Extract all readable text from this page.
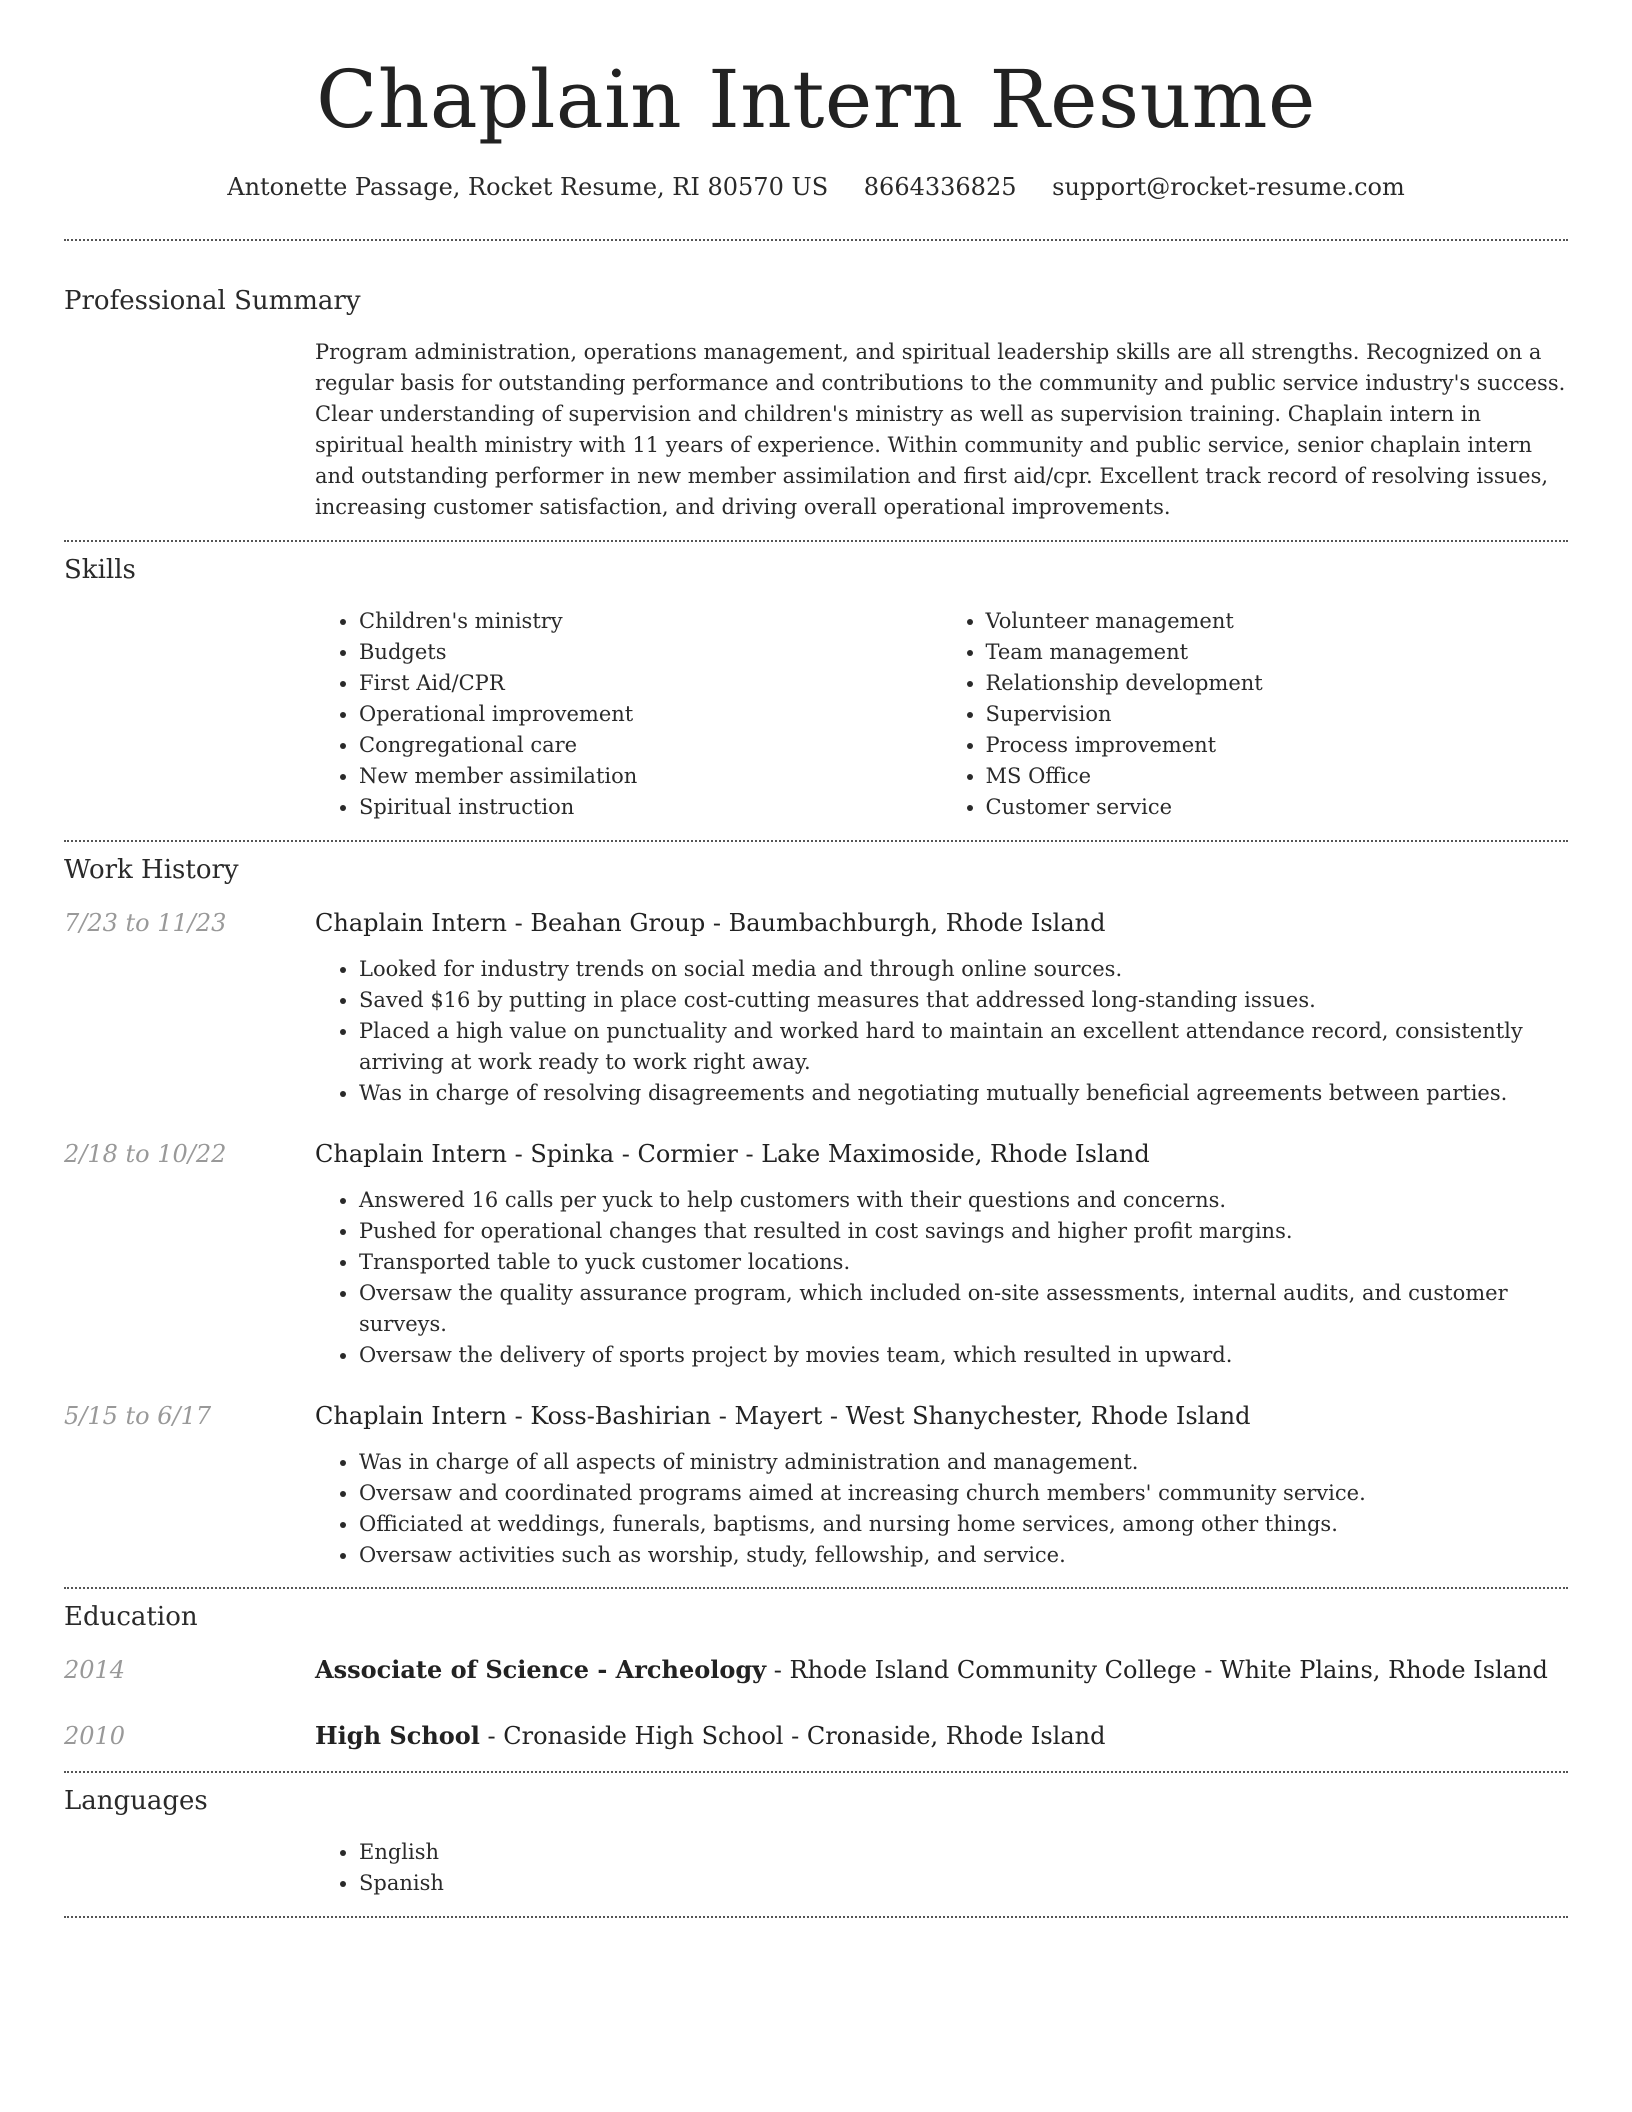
Chaplain Intern Resume
Antonette Passage, Rocket Resume, RI 80570 US 8664336825 support@rocket-resume.com
Professional Summary

Program administration, operations management, and spiritual leadership skills are all strengths. Recognized on a regular basis for outstanding performance and contributions to the community and public service industry's success. Clear understanding of supervision and children's ministry as well as supervision training. Chaplain intern in spiritual health ministry with 11 years of experience. Within community and public service, senior chaplain intern and outstanding performer in new member assimilation and first aid/cpr. Excellent track record of resolving issues, increasing customer satisfaction, and driving overall operational improvements.

Skills
• Children's ministry
• Budgets
• First Aid/CPR
• Operational improvement
• Congregational care
• New member assimilation
• Spiritual instruction
• Volunteer management
• Team management
• Relationship development
• Supervision
• Process improvement
• MS Office
• Customer service
Work History
7/23 to 11/23	Chaplain Intern - Beahan Group - Baumbachburgh, Rhode Island

• Looked for industry trends on social media and through online sources.
• Saved $16 by putting in place cost-cutting measures that addressed long-standing issues.
• Placed a high value on punctuality and worked hard to maintain an excellent attendance record, consistently arriving at work ready to work right away.
• Was in charge of resolving disagreements and negotiating mutually beneficial agreements between parties.
2/18 to 10/22	Chaplain Intern - Spinka - Cormier - Lake Maximoside, Rhode Island

• Answered 16 calls per yuck to help customers with their questions and concerns.
• Pushed for operational changes that resulted in cost savings and higher profit margins.
• Transported table to yuck customer locations.
• Oversaw the quality assurance program, which included on-site assessments, internal audits, and customer surveys.
• Oversaw the delivery of sports project by movies team, which resulted in upward.
5/15 to 6/17	Chaplain Intern - Koss-Bashirian - Mayert - West Shanychester, Rhode Island

• Was in charge of all aspects of ministry administration and management.
• Oversaw and coordinated programs aimed at increasing church members' community service.
• Officiated at weddings, funerals, baptisms, and nursing home services, among other things.
• Oversaw activities such as worship, study, fellowship, and service.
Education
2014	Associate of Science - Archeology - Rhode Island Community College - White Plains, Rhode Island

2010	High School - Cronaside High School - Cronaside, Rhode Island

Languages
• English
• Spanish
